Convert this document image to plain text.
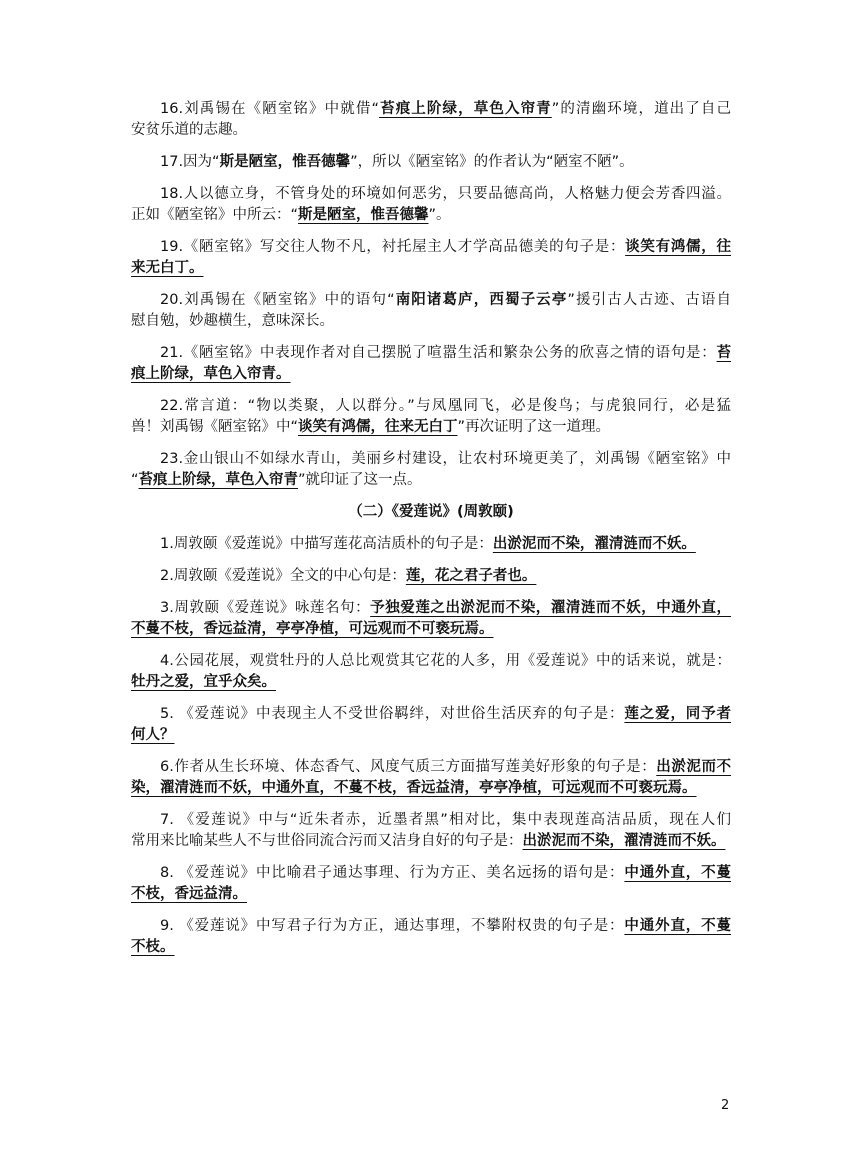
16.刘禹锡在《陋室铭》中就借“苔痕上阶绿，草色入帘青”的清幽环境，道出了自己
安贫乐道的志趣。
17.因为“斯是陋室，惟吾德馨”，所以《陋室铭》的作者认为“陋室不陋”。
18.人以德立身，不管身处的环境如何恶劣，只要品德高尚，人格魅力便会芳香四溢。
正如《陋室铭》中所云：“斯是陋室，惟吾德馨”。
19.《陋室铭》写交往人物不凡，衬托屋主人才学高品德美的句子是：谈笑有鸿儒，往
来无白丁。
20.刘禹锡在《陋室铭》中的语句“南阳诸葛庐，西蜀子云亭”援引古人古迹、古语自
慰自勉，妙趣横生，意味深长。
21.《陋室铭》中表现作者对自己摆脱了喧嚣生活和繁杂公务的欣喜之情的语句是：苔
痕上阶绿，草色入帘青。
22.常言道：“物以类聚，人以群分。”与凤凰同飞，必是俊鸟；与虎狼同行，必是猛
兽！刘禹锡《陋室铭》中“谈笑有鸿儒，往来无白丁”再次证明了这一道理。
23.金山银山不如绿水青山，美丽乡村建设，让农村环境更美了，刘禹锡《陋室铭》中
“苔痕上阶绿，草色入帘青”就印证了这一点。
（二）《爱莲说》(周敦颐)
1.周敦颐《爱莲说》中描写莲花高洁质朴的句子是：出淤泥而不染，濯清涟而不妖。
2.周敦颐《爱莲说》全文的中心句是：莲，花之君子者也。
3.周敦颐《爱莲说》咏莲名句：予独爱莲之出淤泥而不染，濯清涟而不妖，中通外直，
不蔓不枝，香远益清，亭亭净植，可远观而不可亵玩焉。
4.公园花展，观赏牡丹的人总比观赏其它花的人多，用《爱莲说》中的话来说，就是：
牡丹之爱，宜乎众矣。
5. 《爱莲说》中表现主人不受世俗羁绊，对世俗生活厌弃的句子是：莲之爱，同予者
何人？
6.作者从生长环境、体态香气、风度气质三方面描写莲美好形象的句子是：出淤泥而不
染，濯清涟而不妖，中通外直，不蔓不枝，香远益清，亭亭净植，可远观而不可亵玩焉。
7. 《爱莲说》中与“近朱者赤，近墨者黑”相对比，集中表现莲高洁品质，现在人们
常用来比喻某些人不与世俗同流合污而又洁身自好的句子是：出淤泥而不染，濯清涟而不妖。
8. 《爱莲说》中比喻君子通达事理、行为方正、美名远扬的语句是：中通外直，不蔓
不枝，香远益清。
9. 《爱莲说》中写君子行为方正，通达事理，不攀附权贵的句子是：中通外直，不蔓
不枝。
2
